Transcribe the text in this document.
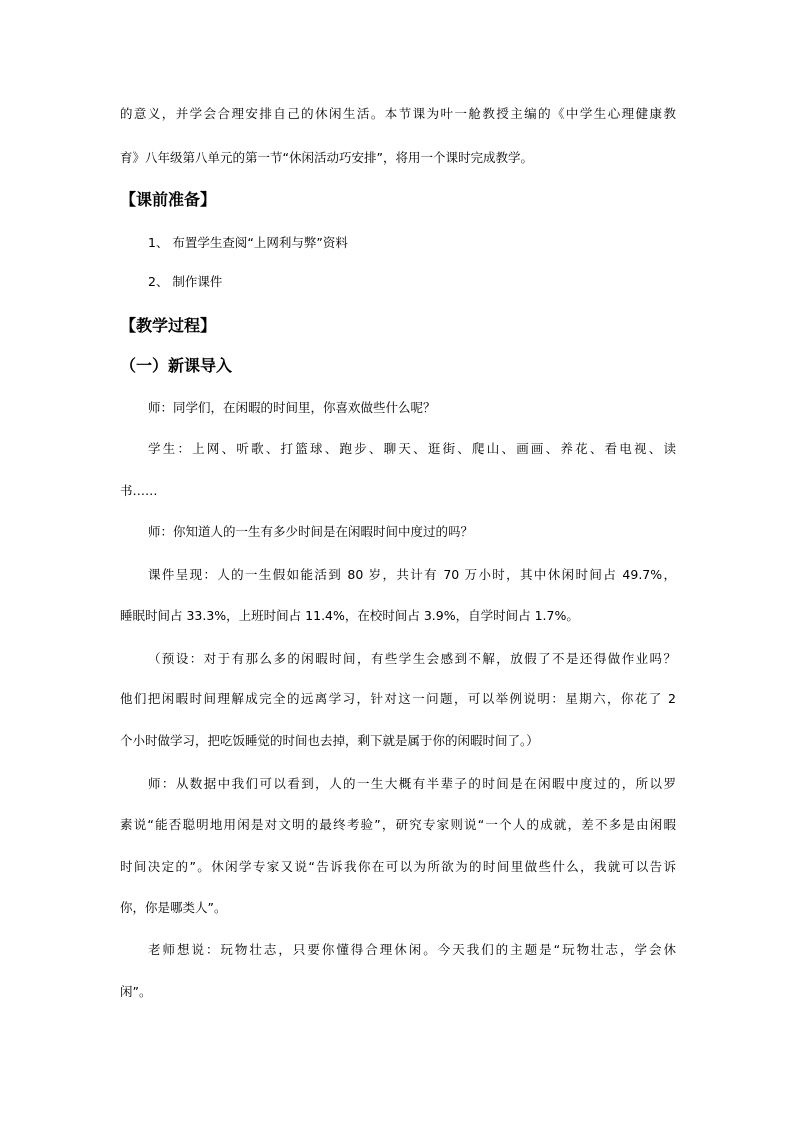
的意义，并学会合理安排自己的休闲生活。本节课为叶一舱教授主编的《中学生心理健康教
育》八年级第八单元的第一节“休闲活动巧安排”，将用一个课时完成教学。
【课前准备】
1、 布置学生查阅“上网利与弊”资料
2、 制作课件
【教学过程】
（一）新课导入
师：同学们，在闲暇的时间里，你喜欢做些什么呢？
学生：上网、听歌、打篮球、跑步、聊天、逛街、爬山、画画、养花、看电视、读
书……
师：你知道人的一生有多少时间是在闲暇时间中度过的吗？
课件呈现：人的一生假如能活到 80 岁，共计有 70 万小时，其中休闲时间占 49.7%，
睡眠时间占 33.3%，上班时间占 11.4%，在校时间占 3.9%，自学时间占 1.7%。
（预设：对于有那么多的闲暇时间，有些学生会感到不解，放假了不是还得做作业吗？
他们把闲暇时间理解成完全的远离学习，针对这一问题，可以举例说明：星期六，你花了 2
个小时做学习，把吃饭睡觉的时间也去掉，剩下就是属于你的闲暇时间了。）
师：从数据中我们可以看到，人的一生大概有半辈子的时间是在闲暇中度过的，所以罗
素说“能否聪明地用闲是对文明的最终考验”，研究专家则说“一个人的成就，差不多是由闲暇
时间决定的”。休闲学专家又说“告诉我你在可以为所欲为的时间里做些什么，我就可以告诉
你，你是哪类人”。
老师想说：玩物壮志，只要你懂得合理休闲。今天我们的主题是“玩物壮志，学会休
闲”。
